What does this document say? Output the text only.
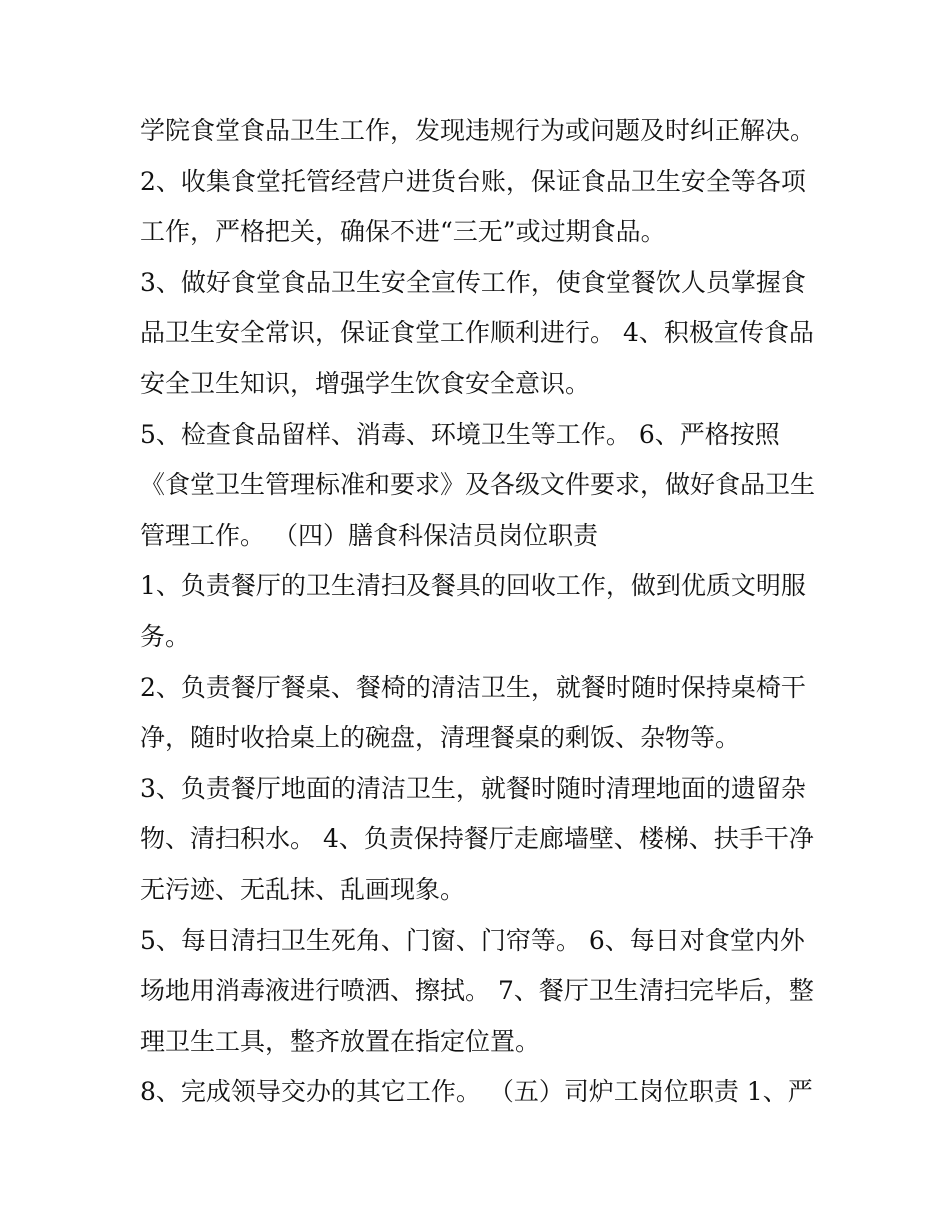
学院食堂食品卫生工作，发现违规行为或问题及时纠正解决。
2、收集食堂托管经营户进货台账，保证食品卫生安全等各项
工作，严格把关，确保不进“三无”或过期食品。
3、做好食堂食品卫生安全宣传工作，使食堂餐饮人员掌握食
品卫生安全常识，保证食堂工作顺利进行。 4、积极宣传食品
安全卫生知识，增强学生饮食安全意识。
5、检查食品留样、消毒、环境卫生等工作。 6、严格按照
《食堂卫生管理标准和要求》及各级文件要求，做好食品卫生
管理工作。 （四）膳食科保洁员岗位职责
1、负责餐厅的卫生清扫及餐具的回收工作，做到优质文明服
务。
2、负责餐厅餐桌、餐椅的清洁卫生，就餐时随时保持桌椅干
净，随时收拾桌上的碗盘，清理餐桌的剩饭、杂物等。
3、负责餐厅地面的清洁卫生，就餐时随时清理地面的遗留杂
物、清扫积水。 4、负责保持餐厅走廊墙壁、楼梯、扶手干净
无污迹、无乱抹、乱画现象。
5、每日清扫卫生死角、门窗、门帘等。 6、每日对食堂内外
场地用消毒液进行喷洒、擦拭。 7、餐厅卫生清扫完毕后，整
理卫生工具，整齐放置在指定位置。
8、完成领导交办的其它工作。 （五）司炉工岗位职责 1、严
